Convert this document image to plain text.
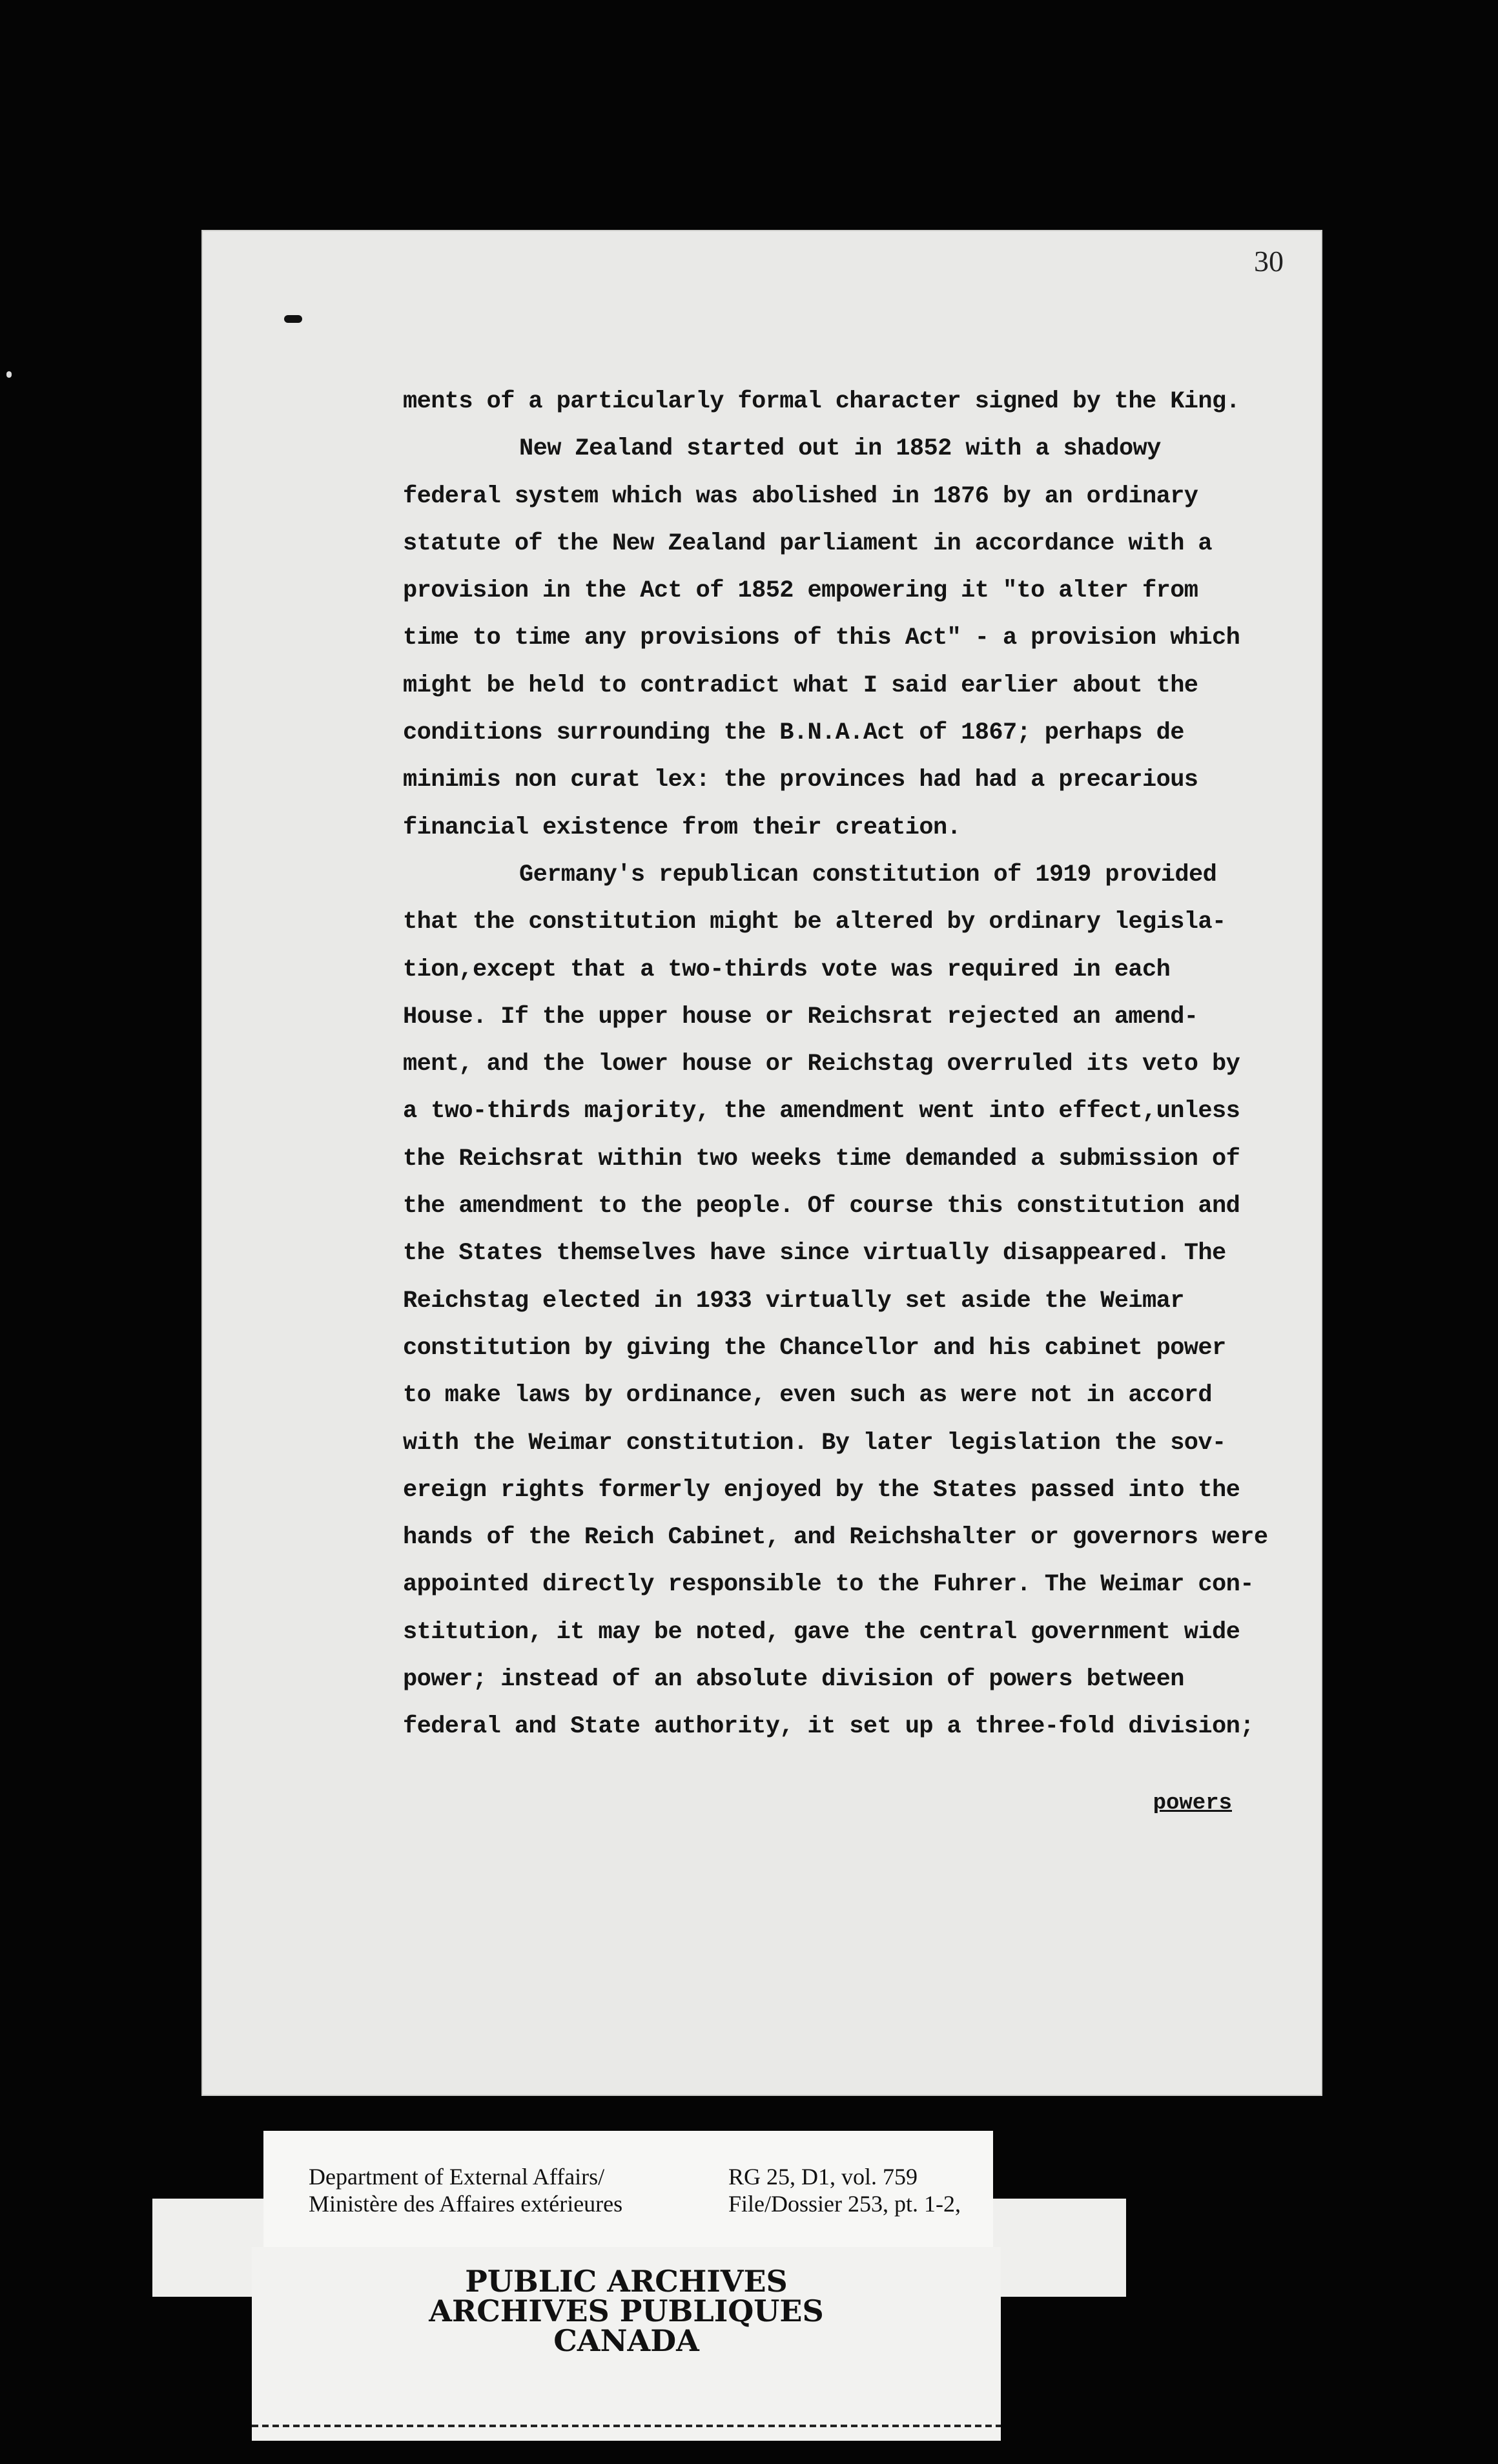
30
ments of a particularly formal character signed by the King.
New Zealand started out in 1852 with a shadowy
federal system which was abolished in 1876 by an ordinary
statute of the New Zealand parliament in accordance with a
provision in the Act of 1852 empowering it "to alter from
time to time any provisions of this Act" - a provision which
might be held to contradict what I said earlier about the
conditions surrounding the B.N.A.Act of 1867; perhaps de
minimis non curat lex: the provinces had had a precarious
financial existence from their creation.
Germany's republican constitution of 1919 provided
that the constitution might be altered by ordinary legisla-
tion,except that a two-thirds vote was required in each
House. If the upper house or Reichsrat rejected an amend-
ment, and the lower house or Reichstag overruled its veto by
a two-thirds majority, the amendment went into effect,unless
the Reichsrat within two weeks time demanded a submission of
the amendment to the people. Of course this constitution and
the States themselves have since virtually disappeared. The
Reichstag elected in 1933 virtually set aside the Weimar
constitution by giving the Chancellor and his cabinet power
to make laws by ordinance, even such as were not in accord
with the Weimar constitution. By later legislation the sov-
ereign rights formerly enjoyed by the States passed into the
hands of the Reich Cabinet, and Reichshalter or governors were
appointed directly responsible to the Fuhrer. The Weimar con-
stitution, it may be noted, gave the central government wide
power; instead of an absolute division of powers between
federal and State authority, it set up a three-fold division;
powers
Department of External Affairs/
Ministère des Affaires extérieures
RG 25, D1, vol. 759
File/Dossier 253, pt. 1-2,
PUBLIC ARCHIVES
ARCHIVES PUBLIQUES
CANADA
